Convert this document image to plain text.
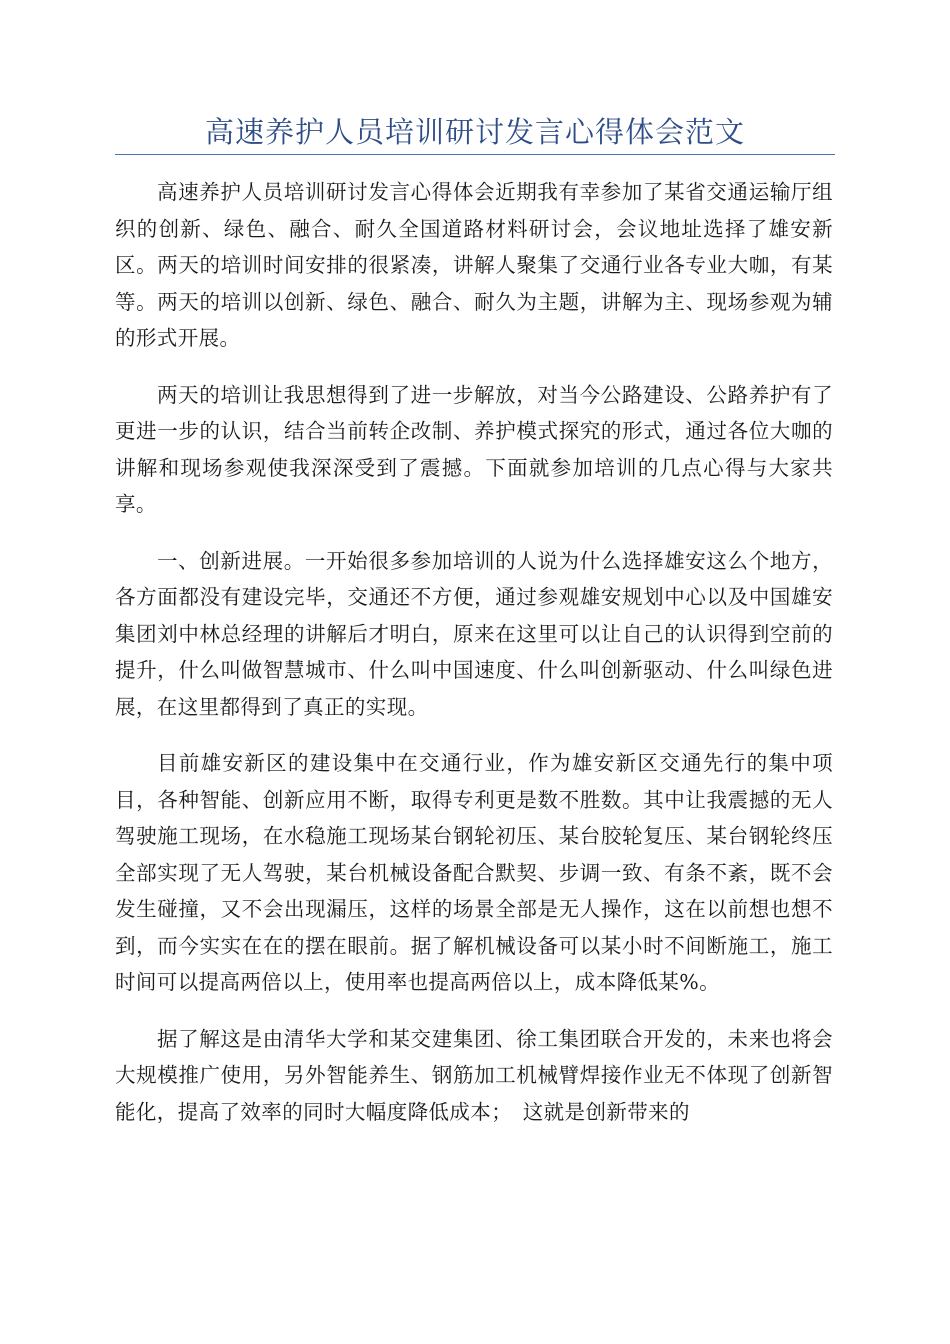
高速养护人员培训研讨发言心得体会范文

高速养护人员培训研讨发言心得体会近期我有幸参加了某省交通运输厅组织的创新、绿色、融合、耐久全国道路材料研讨会，会议地址选择了雄安新区。两天的培训时间安排的很紧凑，讲解人聚集了交通行业各专业大咖，有某等。两天的培训以创新、绿色、融合、耐久为主题，讲解为主、现场参观为辅的形式开展。

两天的培训让我思想得到了进一步解放，对当今公路建设、公路养护有了更进一步的认识，结合当前转企改制、养护模式探究的形式，通过各位大咖的讲解和现场参观使我深深受到了震撼。下面就参加培训的几点心得与大家共享。

一、创新进展。一开始很多参加培训的人说为什么选择雄安这么个地方，各方面都没有建设完毕，交通还不方便，通过参观雄安规划中心以及中国雄安集团刘中林总经理的讲解后才明白，原来在这里可以让自己的认识得到空前的提升，什么叫做智慧城市、什么叫中国速度、什么叫创新驱动、什么叫绿色进展，在这里都得到了真正的实现。

目前雄安新区的建设集中在交通行业，作为雄安新区交通先行的集中项目，各种智能、创新应用不断，取得专利更是数不胜数。其中让我震撼的无人驾驶施工现场，在水稳施工现场某台钢轮初压、某台胶轮复压、某台钢轮终压全部实现了无人驾驶，某台机械设备配合默契、步调一致、有条不紊，既不会发生碰撞，又不会出现漏压，这样的场景全部是无人操作，这在以前想也想不到，而今实实在在的摆在眼前。据了解机械设备可以某小时不间断施工，施工时间可以提高两倍以上，使用率也提高两倍以上，成本降低某%。

据了解这是由清华大学和某交建集团、徐工集团联合开发的，未来也将会大规模推广使用，另外智能养生、钢筋加工机械臂焊接作业无不体现了创新智能化，提高了效率的同时大幅度降低成本；　这就是创新带来的
